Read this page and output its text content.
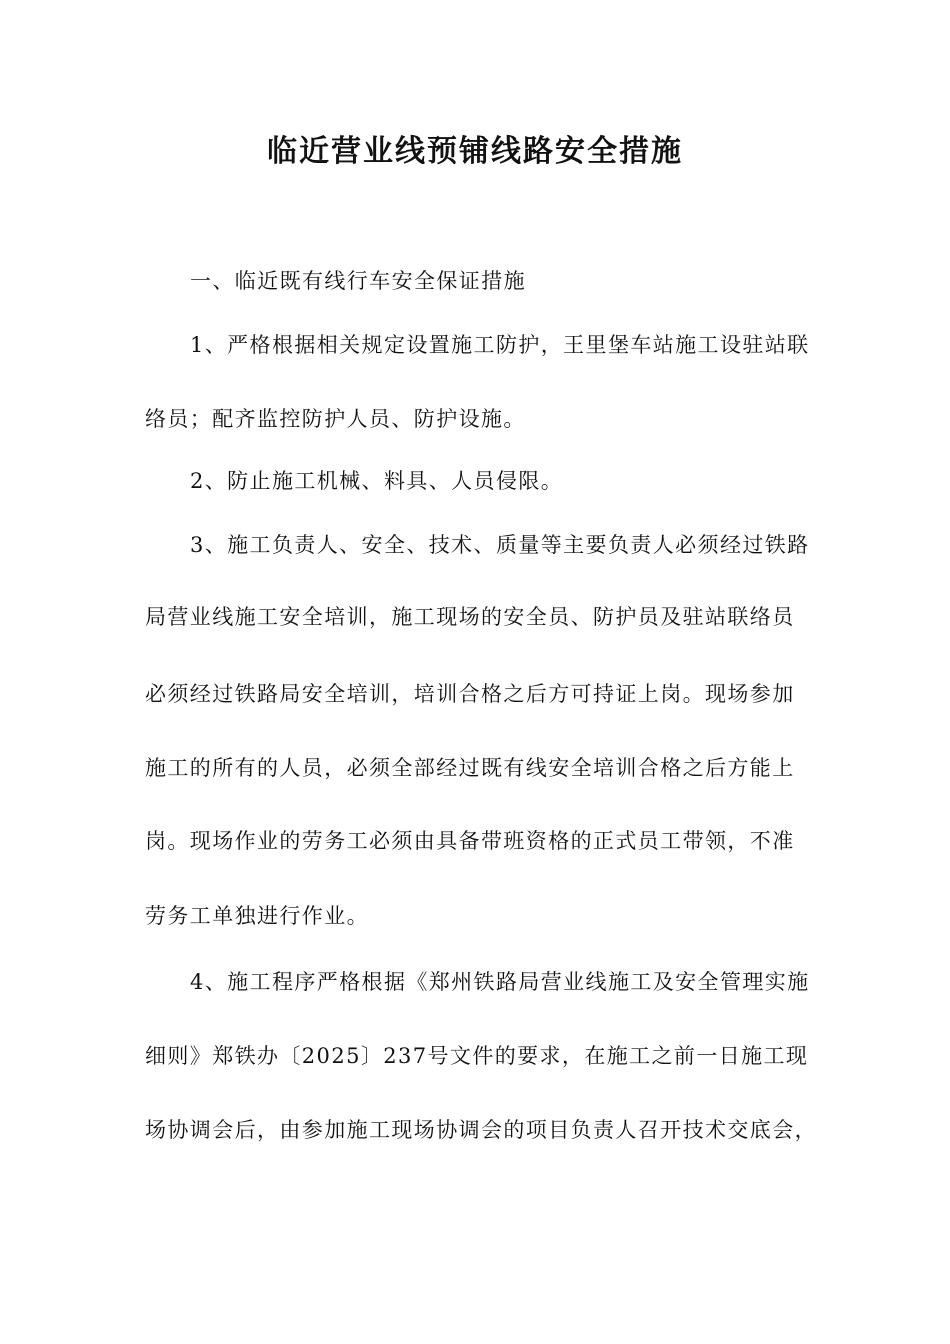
临近营业线预铺线路安全措施
一、临近既有线行车安全保证措施
1、严格根据相关规定设置施工防护，王里堡车站施工设驻站联
络员；配齐监控防护人员、防护设施。
2、防止施工机械、料具、人员侵限。
3、施工负责人、安全、技术、质量等主要负责人必须经过铁路
局营业线施工安全培训，施工现场的安全员、防护员及驻站联络员
必须经过铁路局安全培训，培训合格之后方可持证上岗。现场参加
施工的所有的人员，必须全部经过既有线安全培训合格之后方能上
岗。现场作业的劳务工必须由具备带班资格的正式员工带领，不准
劳务工单独进行作业。
4、施工程序严格根据《郑州铁路局营业线施工及安全管理实施
细则》郑铁办〔2025〕237号文件的要求，在施工之前一日施工现
场协调会后，由参加施工现场协调会的项目负责人召开技术交底会，
